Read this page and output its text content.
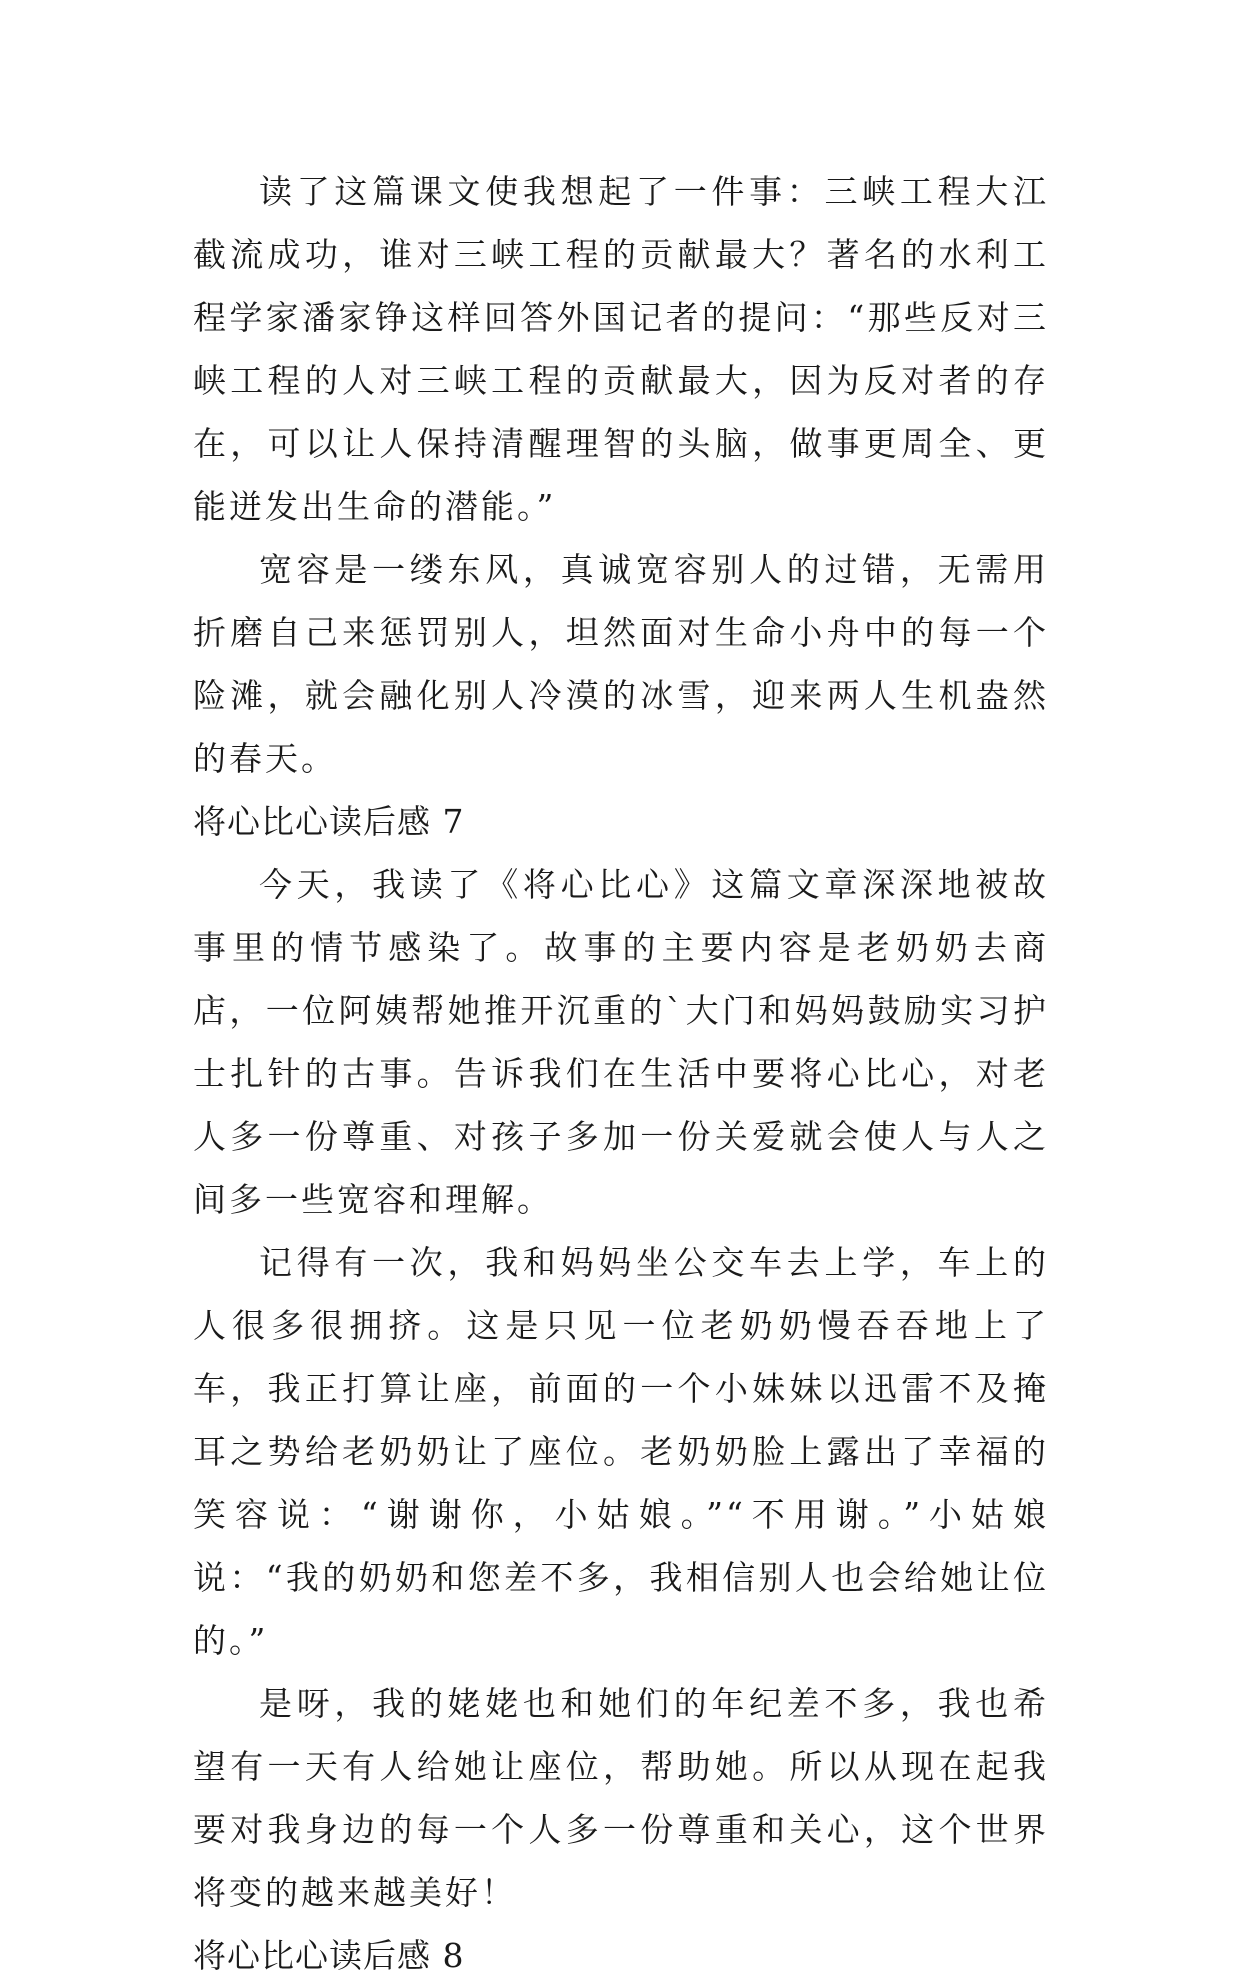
读了这篇课文使我想起了一件事：三峡工程大江截流成功，谁对三峡工程的贡献最大？著名的水利工程学家潘家铮这样回答外国记者的提问：“那些反对三峡工程的人对三峡工程的贡献最大，因为反对者的存在，可以让人保持清醒理智的头脑，做事更周全、更能迸发出生命的潜能。”

宽容是一缕东风，真诚宽容别人的过错，无需用折磨自己来惩罚别人，坦然面对生命小舟中的每一个险滩，就会融化别人冷漠的冰雪，迎来两人生机盎然的春天。

将心比心读后感 7

今天，我读了《将心比心》这篇文章深深地被故事里的情节感染了。故事的主要内容是老奶奶去商店，一位阿姨帮她推开沉重的`大门和妈妈鼓励实习护士扎针的古事。告诉我们在生活中要将心比心，对老人多一份尊重、对孩子多加一份关爱就会使人与人之间多一些宽容和理解。

记得有一次，我和妈妈坐公交车去上学，车上的人很多很拥挤。这是只见一位老奶奶慢吞吞地上了车，我正打算让座，前面的一个小妹妹以迅雷不及掩耳之势给老奶奶让了座位。老奶奶脸上露出了幸福的笑容说：“谢谢你，小姑娘。”“不用谢。”小姑娘说：“我的奶奶和您差不多，我相信别人也会给她让位的。”

是呀，我的姥姥也和她们的年纪差不多，我也希望有一天有人给她让座位，帮助她。所以从现在起我要对我身边的每一个人多一份尊重和关心，这个世界将变的越来越美好！

将心比心读后感 8
